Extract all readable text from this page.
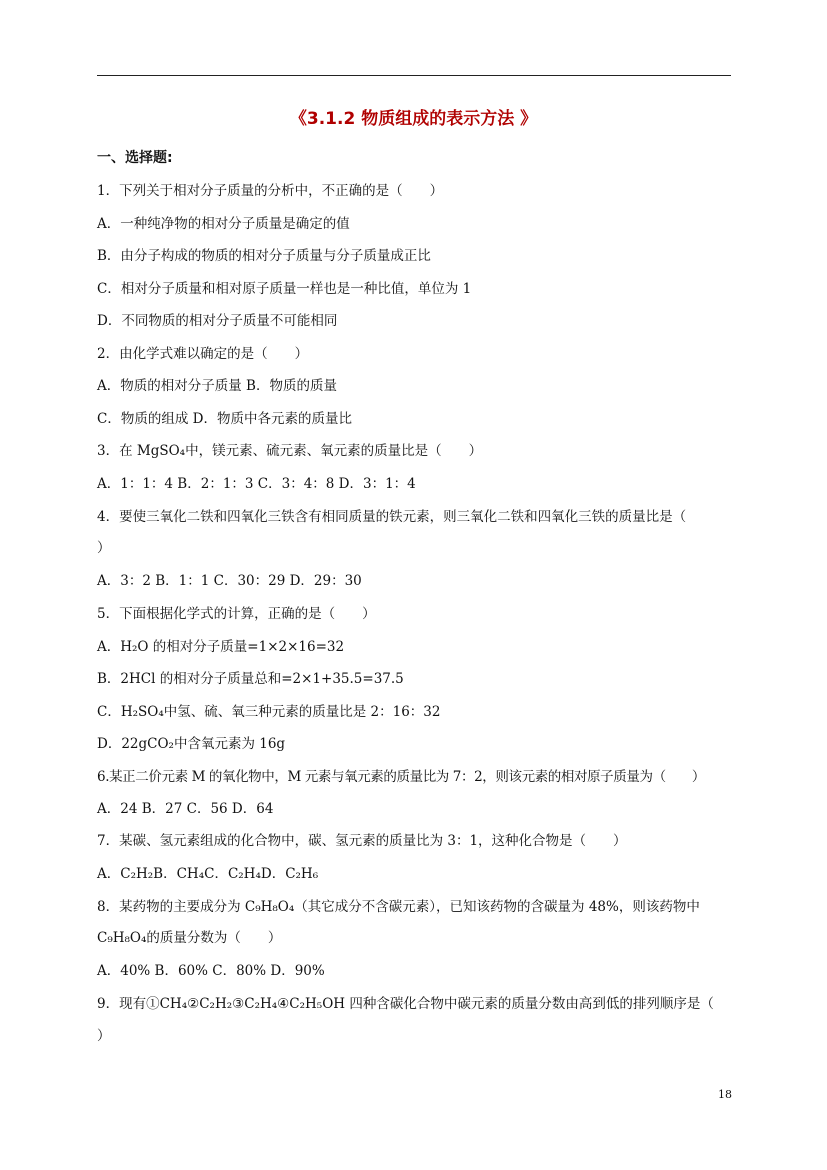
《3.1.2 物质组成的表示方法 》
一、选择题:
1．下列关于相对分子质量的分析中，不正确的是（　　）
A．一种纯净物的相对分子质量是确定的值
B．由分子构成的物质的相对分子质量与分子质量成正比
C．相对分子质量和相对原子质量一样也是一种比值，单位为 1
D．不同物质的相对分子质量不可能相同
2．由化学式难以确定的是（　　）
A．物质的相对分子质量 B．物质的质量
C．物质的组成 D．物质中各元素的质量比
3．在 MgSO₄中，镁元素、硫元素、氧元素的质量比是（　　）
A．1：1：4 B．2：1：3 C．3：4：8 D．3：1：4
4．要使三氧化二铁和四氧化三铁含有相同质量的铁元素，则三氧化二铁和四氧化三铁的质量比是（
）
A．3：2 B．1：1 C．30：29 D．29：30
5．下面根据化学式的计算，正确的是（　　）
A．H₂O 的相对分子质量=1×2×16=32
B．2HCl 的相对分子质量总和=2×1+35.5=37.5
C．H₂SO₄中氢、硫、氧三种元素的质量比是 2：16：32
D．22gCO₂中含氧元素为 16g
6.某正二价元素 M 的氧化物中，M 元素与氧元素的质量比为 7：2，则该元素的相对原子质量为（　　）
A．24 B．27 C．56 D．64
7．某碳、氢元素组成的化合物中，碳、氢元素的质量比为 3：1，这种化合物是（　　）
A．C₂H₂B．CH₄C．C₂H₄D．C₂H₆
8．某药物的主要成分为 C₉H₈O₄（其它成分不含碳元素），已知该药物的含碳量为 48%，则该药物中
C₉H₈O₄的质量分数为（　　）
A．40% B．60% C．80% D．90%
9．现有①CH₄②C₂H₂③C₂H₄④C₂H₅OH 四种含碳化合物中碳元素的质量分数由高到低的排列顺序是（
）
18
